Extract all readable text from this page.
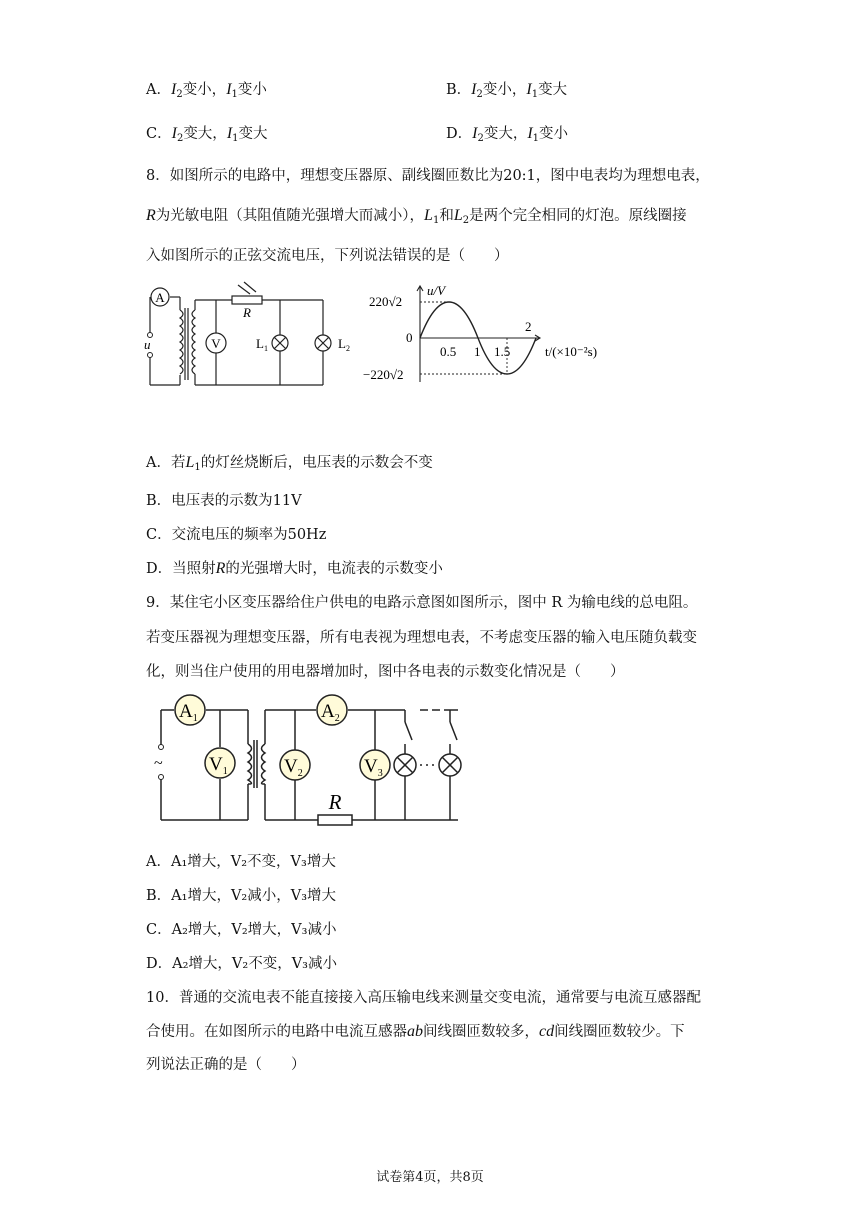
A．$I_2$变小，$I_1$变小	B．$I_2$变小，$I_1$变大
C．$I_2$变大，$I_1$变大	D．$I_2$变大，$I_1$变小
8．如图所示的电路中，理想变压器原、副线圈匝数比为20:1，图中电表均为理想电表，
R为光敏电阻（其阻值随光强增大而减小），$L_1$和$L_2$是两个完全相同的灯泡。原线圈接
入如图所示的正弦交流电压，下列说法错误的是（　　）
A
u	V
R
$L_1$	$L_2$
u/V
220√2
0
−220√2
0.5 1 1.5
2
t/(×10⁻²s)
A．若$L_1$的灯丝烧断后，电压表的示数会不变
B．电压表的示数为11V
C．交流电压的频率为50Hz
D．当照射R的光强增大时，电流表的示数变小
9．某住宅小区变压器给住户供电的电路示意图如图所示，图中 R 为输电线的总电阻。
若变压器视为理想变压器，所有电表视为理想电表，不考虑变压器的输入电压随负载变
化，则当住户使用的用电器增加时，图中各电表的示数变化情况是（　　）
~
$A_1$
$V_1$
$A_2$
$V_2$	$V_3$
R
A．A₁增大，V₂不变，V₃增大
B．A₁增大，V₂减小，V₃增大
C．A₂增大，V₂增大，V₃减小
D．A₂增大，V₂不变，V₃减小
10．普通的交流电表不能直接接入高压输电线来测量交变电流，通常要与电流互感器配
合使用。在如图所示的电路中电流互感器ab间线圈匝数较多，cd间线圈匝数较少。下
列说法正确的是（　　）
试卷第4页，共8页
